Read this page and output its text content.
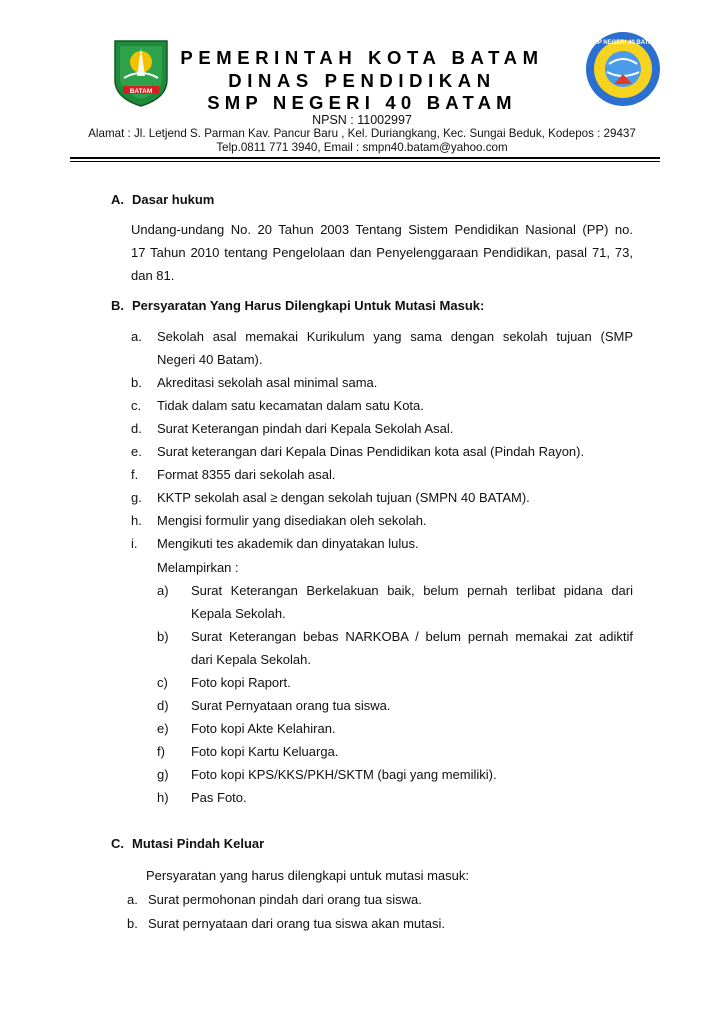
BATAM
SMP NEGERI 40 BATAM
PEMERINTAH KOTA BATAM
DINAS PENDIDIKAN
SMP NEGERI 40 BATAM
NPSN : 11002997
Alamat : Jl. Letjend S. Parman Kav. Pancur Baru , Kel. Duriangkang, Kec. Sungai Beduk, Kodepos : 29437
Telp.0811 771 3940, Email : smpn40.batam@yahoo.com
A. Dasar hukum
Undang-undang No. 20 Tahun 2003 Tentang Sistem Pendidikan Nasional (PP) no.
17 Tahun 2010 tentang Pengelolaan dan Penyelenggaraan Pendidikan, pasal 71, 73,
dan 81.
B. Persyaratan Yang Harus Dilengkapi Untuk Mutasi Masuk:
a. Sekolah asal memakai Kurikulum yang sama dengan sekolah tujuan (SMP
Negeri 40 Batam).
b. Akreditasi sekolah asal minimal sama.
c. Tidak dalam satu kecamatan dalam satu Kota.
d. Surat Keterangan pindah dari Kepala Sekolah Asal.
e. Surat keterangan dari Kepala Dinas Pendidikan kota asal (Pindah Rayon).
f. Format 8355 dari sekolah asal.
g. KKTP sekolah asal ≥ dengan sekolah tujuan (SMPN 40 BATAM).
h. Mengisi formulir yang disediakan oleh sekolah.
i. Mengikuti tes akademik dan dinyatakan lulus.
Melampirkan :
a) Surat Keterangan Berkelakuan baik, belum pernah terlibat pidana dari
Kepala Sekolah.
b) Surat Keterangan bebas NARKOBA / belum pernah memakai zat adiktif
dari Kepala Sekolah.
c) Foto kopi Raport.
d) Surat Pernyataan orang tua siswa.
e) Foto kopi Akte Kelahiran.
f) Foto kopi Kartu Keluarga.
g) Foto kopi KPS/KKS/PKH/SKTM (bagi yang memiliki).
h) Pas Foto.
C. Mutasi Pindah Keluar
Persyaratan yang harus dilengkapi untuk mutasi masuk:
a. Surat permohonan pindah dari orang tua siswa.
b. Surat pernyataan dari orang tua siswa akan mutasi.
